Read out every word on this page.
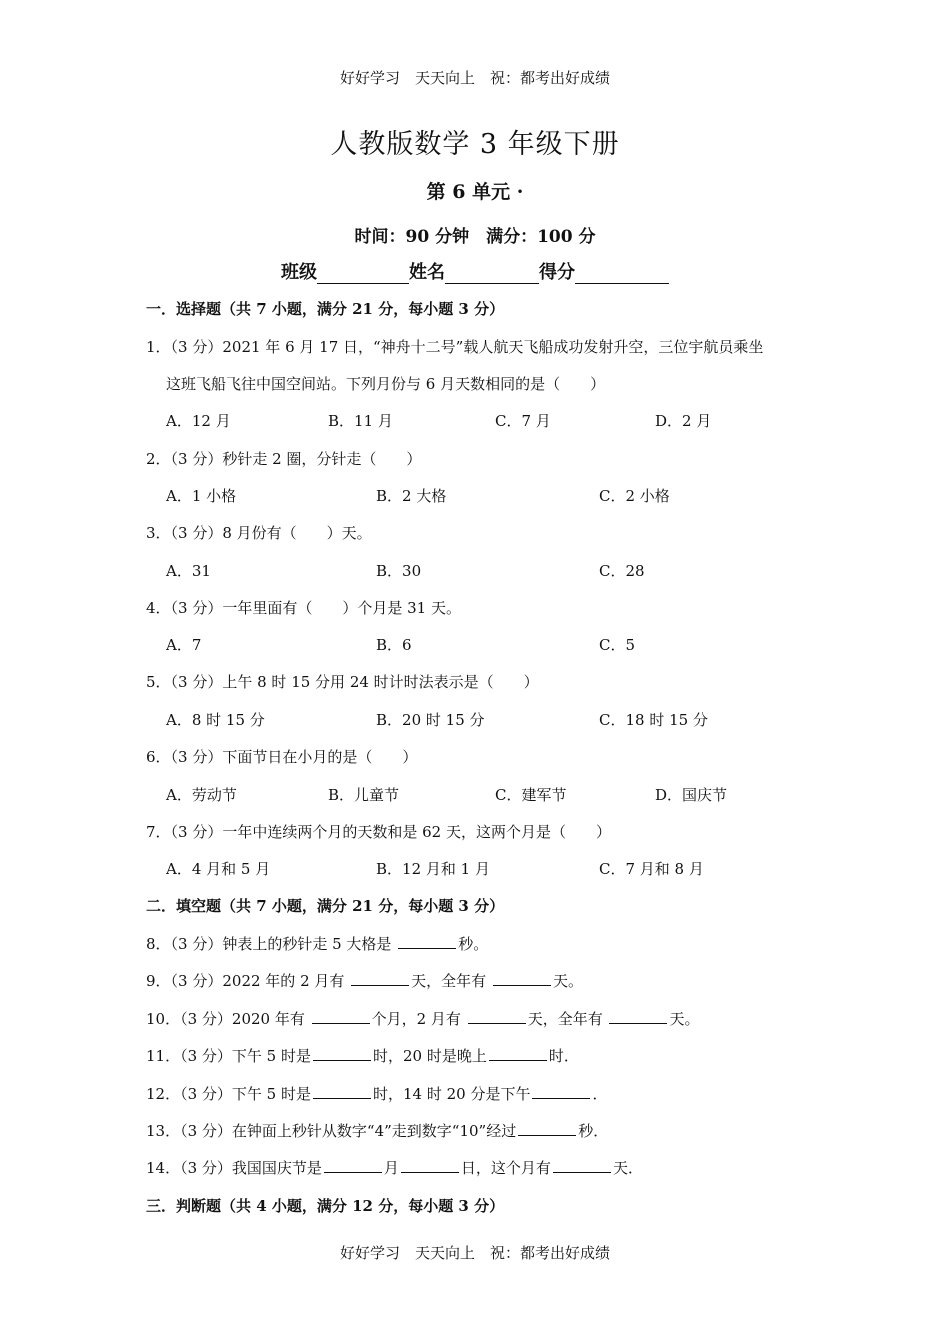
好好学习　天天向上　祝：都考出好成绩
人教版数学 3 年级下册
第 6 单元 ·
时间：90 分钟　满分：100 分
班级	姓名	得分
一．选择题（共 7 小题，满分 21 分，每小题 3 分）
1．（3 分）2021 年 6 月 17 日，“神舟十二号”载人航天飞船成功发射升空，三位宇航员乘坐
这班飞船飞往中国空间站。下列月份与 6 月天数相同的是（　　）
A．12 月	B．11 月	C．7 月	D．2 月
2．（3 分）秒针走 2 圈，分针走（　　）
A．1 小格	B．2 大格	C．2 小格
3．（3 分）8 月份有（　　）天。
A．31	B．30	C．28
4．（3 分）一年里面有（　　）个月是 31 天。
A．7	B．6	C．5
5．（3 分）上午 8 时 15 分用 24 时计时法表示是（　　）
A．8 时 15 分	B．20 时 15 分	C．18 时 15 分
6．（3 分）下面节日在小月的是（　　）
A．劳动节	B．儿童节	C．建军节	D．国庆节
7．（3 分）一年中连续两个月的天数和是 62 天，这两个月是（　　）
A．4 月和 5 月	B．12 月和 1 月	C．7 月和 8 月
二．填空题（共 7 小题，满分 21 分，每小题 3 分）
8．（3 分）钟表上的秒针走 5 大格是	秒。
9．（3 分）2022 年的 2 月有	天，全年有	天。
10．（3 分）2020 年有	个月，2 月有	天，全年有	天。
11．（3 分）下午 5 时是	时，20 时是晚上	时．
12．（3 分）下午 5 时是	时，14 时 20 分是下午	．
13．（3 分）在钟面上秒针从数字“4”走到数字“10”经过	秒．
14．（3 分）我国国庆节是	月	日，这个月有	天．
三．判断题（共 4 小题，满分 12 分，每小题 3 分）
好好学习　天天向上　祝：都考出好成绩
